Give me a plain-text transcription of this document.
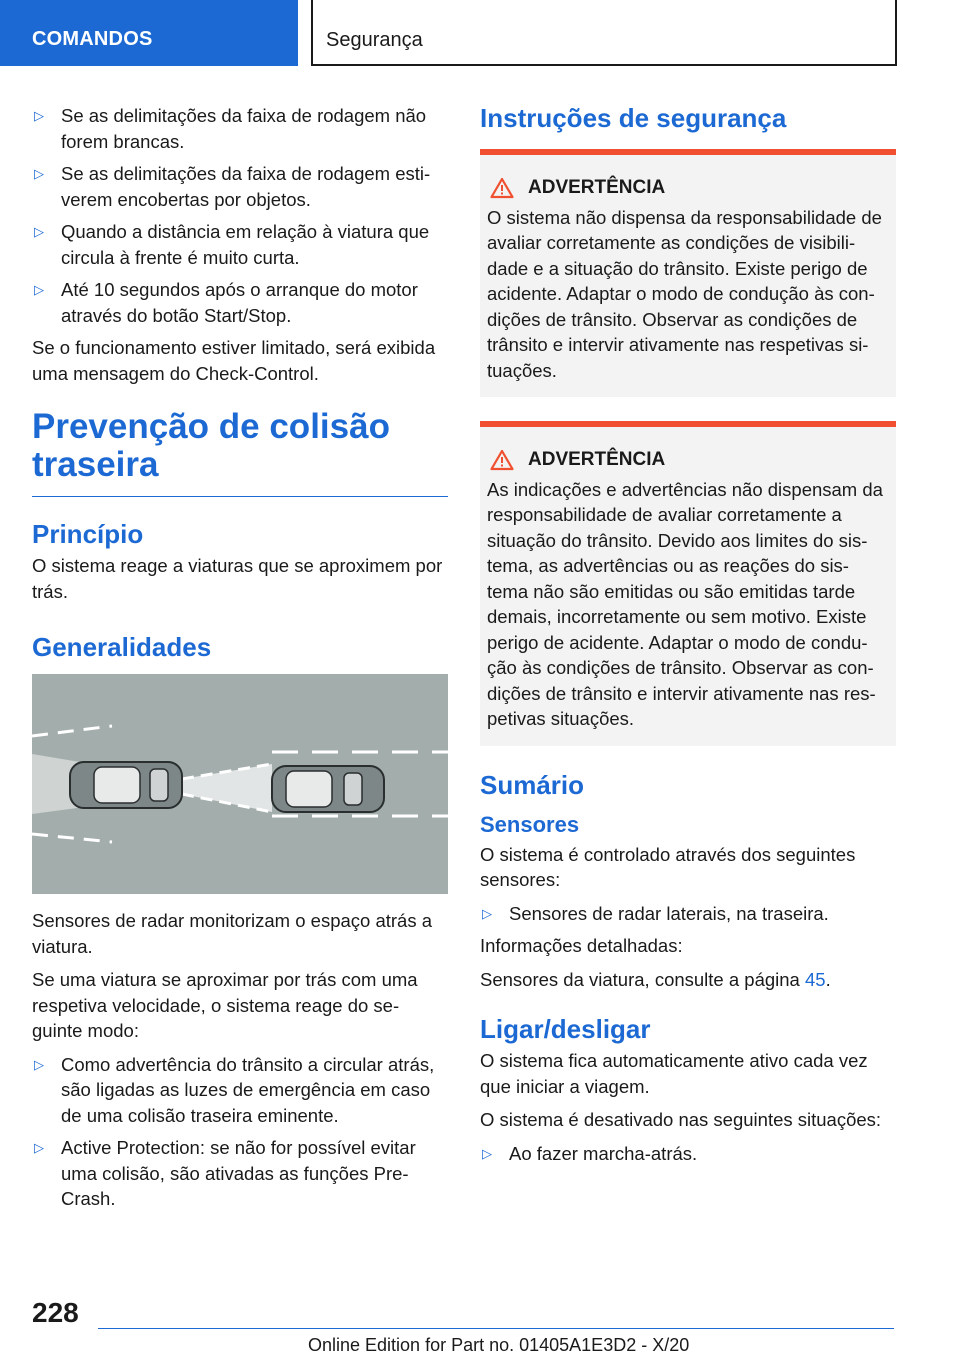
COMANDOS	Segurança
▷ Se as delimitações da faixa de rodagem não forem brancas.
▷ Se as delimitações da faixa de rodagem esti-verem encobertas por objetos.
▷ Quando a distância em relação à viatura que circula à frente é muito curta.
▷ Até 10 segundos após o arranque do motor através do botão Start/Stop.

Se o funcionamento estiver limitado, será exibida uma mensagem do Check-Control.

Prevenção de colisão traseira
Princípio

O sistema reage a viaturas que se aproximem por trás.

Generalidades

Sensores de radar monitorizam o espaço atrás a viatura.

Se uma viatura se aproximar por trás com uma respetiva velocidade, o sistema reage do se-guinte modo:

▷ Como advertência do trânsito a circular atrás, são ligadas as luzes de emergência em caso de uma colisão traseira eminente.
▷ Active Protection: se não for possível evitar uma colisão, são ativadas as funções Pre-Crash.
Instruções de segurança
ADVERTÊNCIA
O sistema não dispensa da responsabilidade de avaliar corretamente as condições de visibili-dade e a situação do trânsito. Existe perigo de acidente. Adaptar o modo de condução às con-dições de trânsito. Observar as condições de trânsito e intervir ativamente nas respetivas si-tuações.
ADVERTÊNCIA
As indicações e advertências não dispensam da responsabilidade de avaliar corretamente a situação do trânsito. Devido aos limites do sis-tema, as advertências ou as reações do sis-tema não são emitidas ou são emitidas tarde demais, incorretamente ou sem motivo. Existe perigo de acidente. Adaptar o modo de condu-ção às condições de trânsito. Observar as con-dições de trânsito e intervir ativamente nas res-petivas situações.
Sumário
Sensores

O sistema é controlado através dos seguintes sensores:

▷ Sensores de radar laterais, na traseira.

Informações detalhadas:

Sensores da viatura, consulte a página 45.

Ligar/desligar

O sistema fica automaticamente ativo cada vez que iniciar a viagem.

O sistema é desativado nas seguintes situações:

▷ Ao fazer marcha-atrás.
228
Online Edition for Part no. 01405A1E3D2 - X/20
